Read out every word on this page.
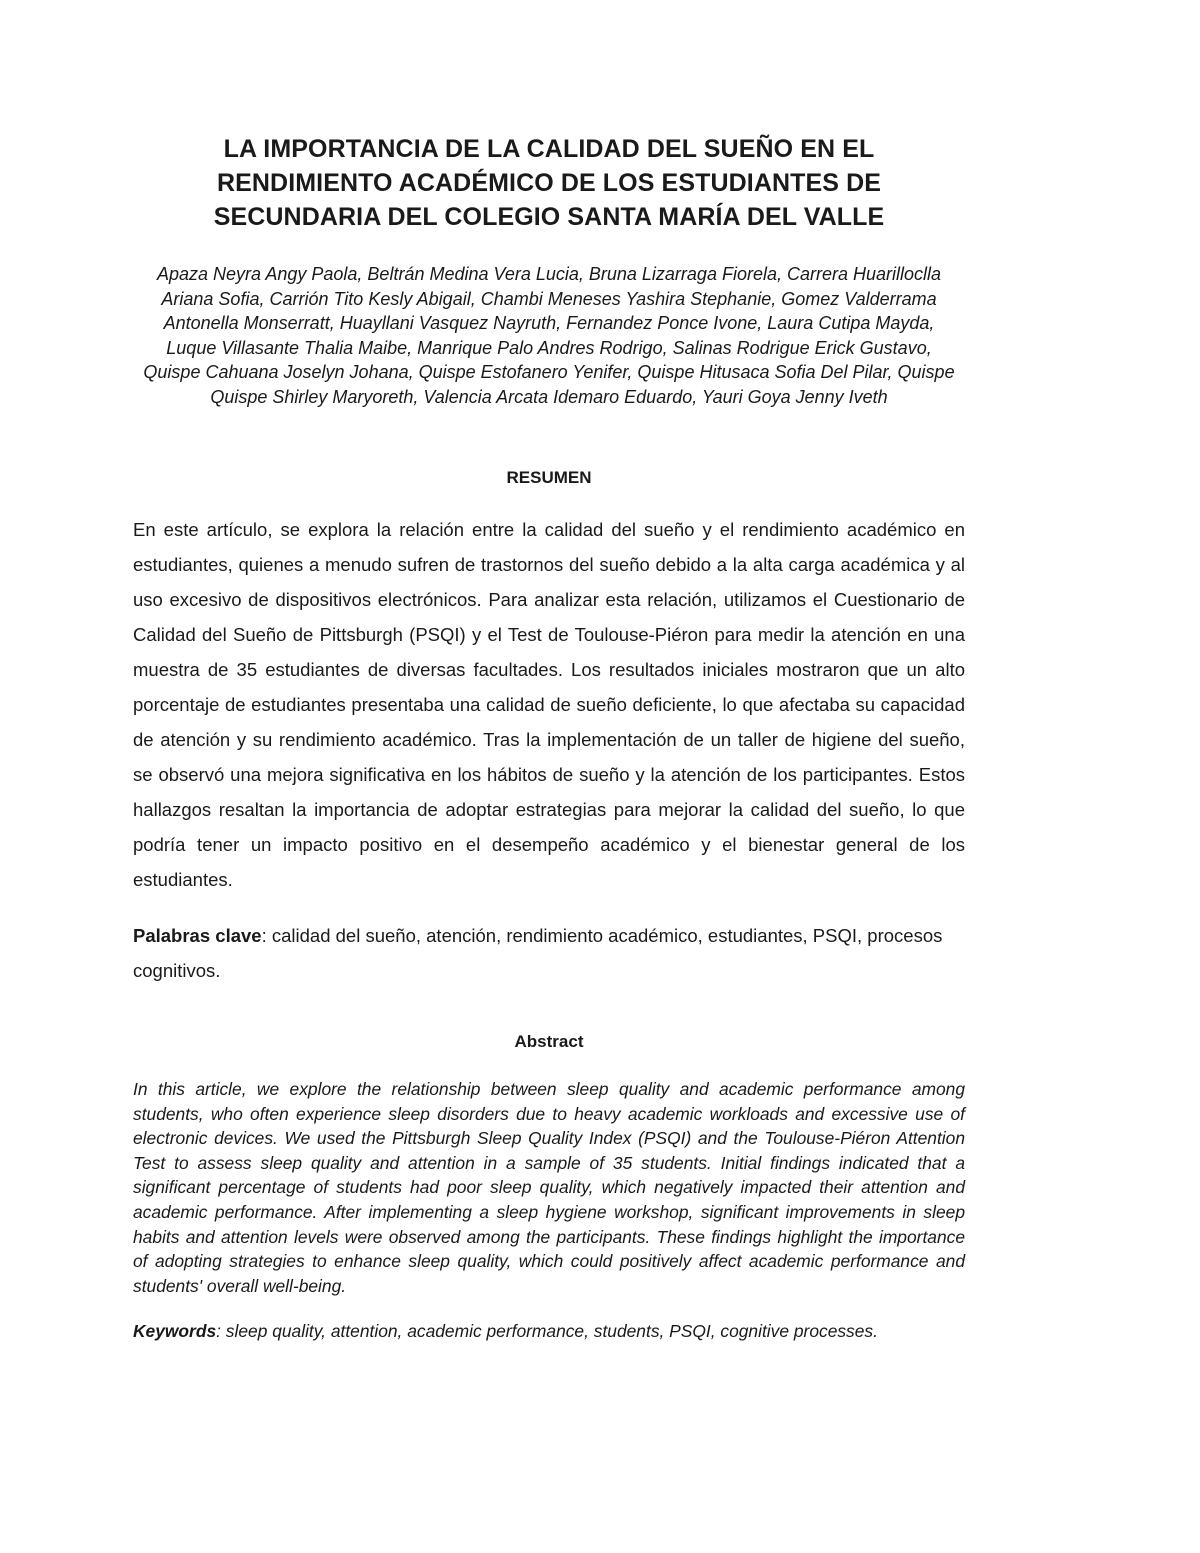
LA IMPORTANCIA DE LA CALIDAD DEL SUEÑO EN EL
RENDIMIENTO ACADÉMICO DE LOS ESTUDIANTES DE
SECUNDARIA DEL COLEGIO SANTA MARÍA DEL VALLE
Apaza Neyra Angy Paola, Beltrán Medina Vera Lucia, Bruna Lizarraga Fiorela, Carrera Huarilloclla
Ariana Sofia, Carrión Tito Kesly Abigail, Chambi Meneses Yashira Stephanie, Gomez Valderrama
Antonella Monserratt, Huayllani Vasquez Nayruth, Fernandez Ponce Ivone, Laura Cutipa Mayda,
Luque Villasante Thalia Maibe, Manrique Palo Andres Rodrigo, Salinas Rodrigue Erick Gustavo,
Quispe Cahuana Joselyn Johana, Quispe Estofanero Yenifer, Quispe Hitusaca Sofia Del Pilar, Quispe
Quispe Shirley Maryoreth, Valencia Arcata Idemaro Eduardo, Yauri Goya Jenny Iveth
RESUMEN

En este artículo, se explora la relación entre la calidad del sueño y el rendimiento académico en estudiantes, quienes a menudo sufren de trastornos del sueño debido a la alta carga académica y al uso excesivo de dispositivos electrónicos. Para analizar esta relación, utilizamos el Cuestionario de Calidad del Sueño de Pittsburgh (PSQI) y el Test de Toulouse-Piéron para medir la atención en una muestra de 35 estudiantes de diversas facultades. Los resultados iniciales mostraron que un alto porcentaje de estudiantes presentaba una calidad de sueño deficiente, lo que afectaba su capacidad de atención y su rendimiento académico. Tras la implementación de un taller de higiene del sueño, se observó una mejora significativa en los hábitos de sueño y la atención de los participantes. Estos hallazgos resaltan la importancia de adoptar estrategias para mejorar la calidad del sueño, lo que podría tener un impacto positivo en el desempeño académico y el bienestar general de los estudiantes.

Palabras clave: calidad del sueño, atención, rendimiento académico, estudiantes, PSQI, procesos cognitivos.

Abstract

In this article, we explore the relationship between sleep quality and academic performance among students, who often experience sleep disorders due to heavy academic workloads and excessive use of electronic devices. We used the Pittsburgh Sleep Quality Index (PSQI) and the Toulouse-Piéron Attention Test to assess sleep quality and attention in a sample of 35 students. Initial findings indicated that a significant percentage of students had poor sleep quality, which negatively impacted their attention and academic performance. After implementing a sleep hygiene workshop, significant improvements in sleep habits and attention levels were observed among the participants. These findings highlight the importance of adopting strategies to enhance sleep quality, which could positively affect academic performance and students' overall well-being.

Keywords: sleep quality, attention, academic performance, students, PSQI, cognitive processes.
